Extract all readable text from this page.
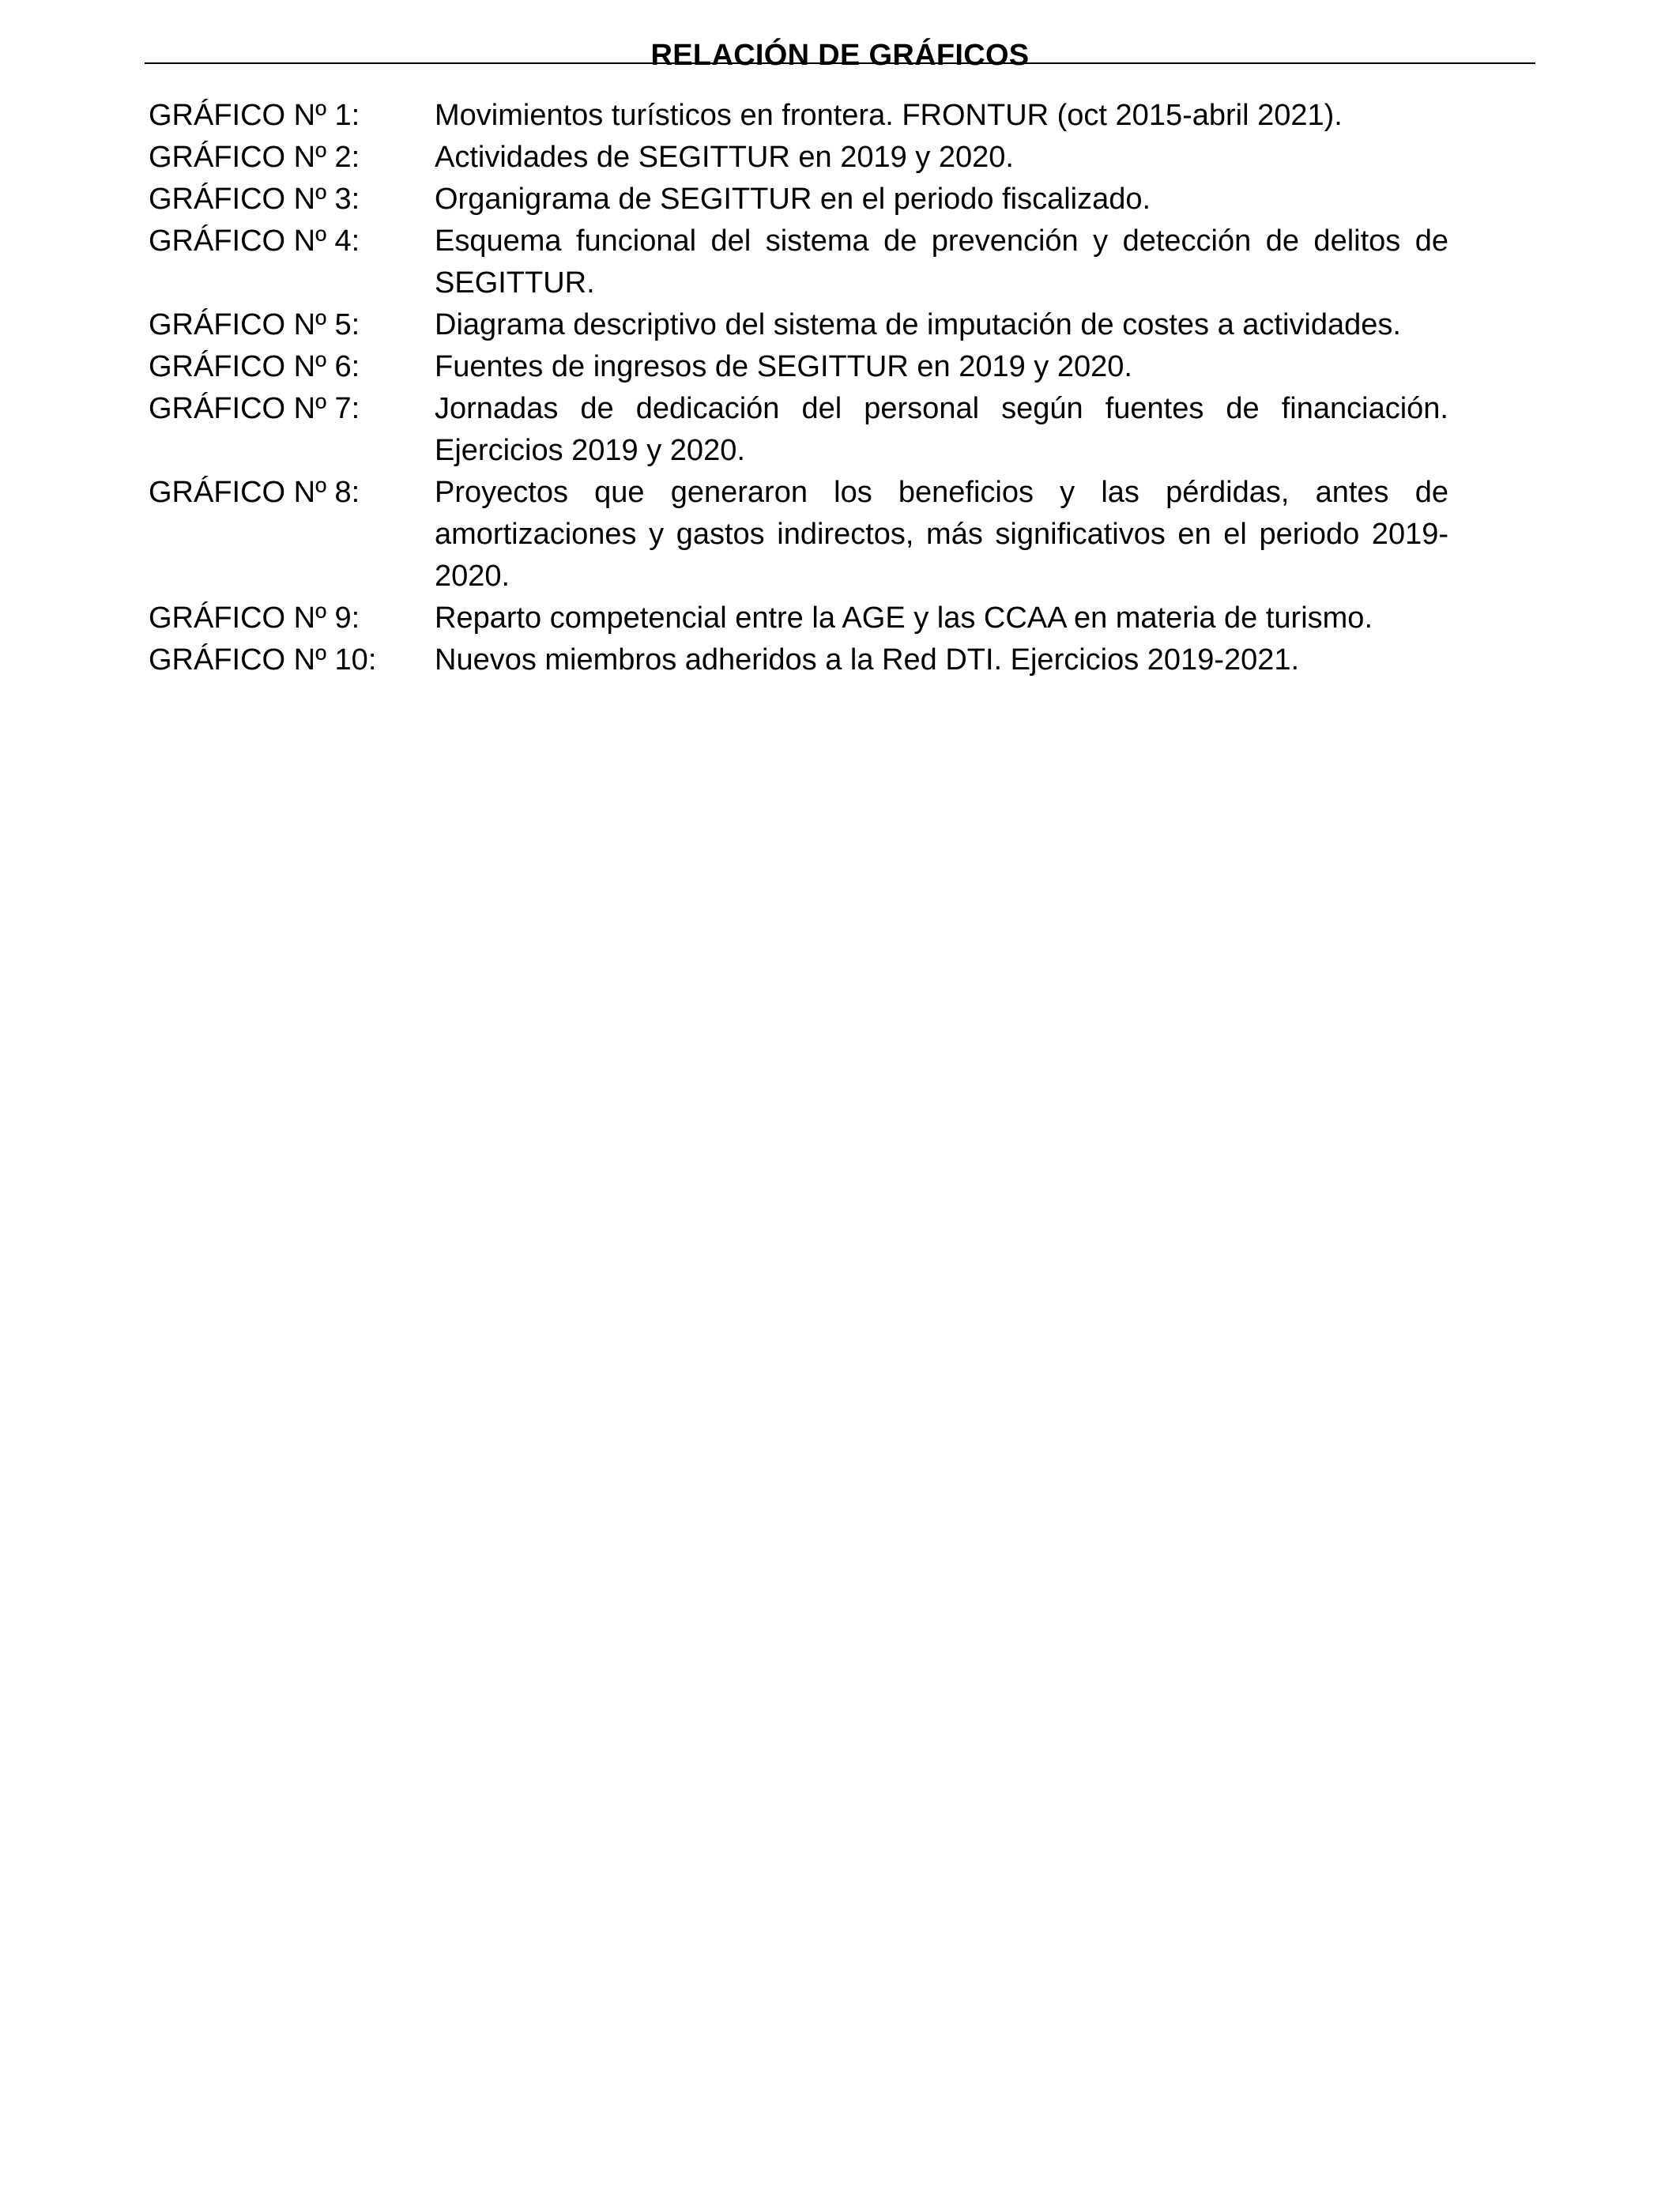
RELACIÓN DE GRÁFICOS
GRÁFICO Nº 1:	Movimientos turísticos en frontera. FRONTUR (oct 2015-abril 2021).
GRÁFICO Nº 2:	Actividades de SEGITTUR en 2019 y 2020.
GRÁFICO Nº 3:	Organigrama de SEGITTUR en el periodo fiscalizado.
GRÁFICO Nº 4:	Esquema funcional del sistema de prevención y detección de delitos de SEGITTUR.
GRÁFICO Nº 5:	Diagrama descriptivo del sistema de imputación de costes a actividades.
GRÁFICO Nº 6:	Fuentes de ingresos de SEGITTUR en 2019 y 2020.
GRÁFICO Nº 7:	Jornadas de dedicación del personal según fuentes de financiación. Ejercicios 2019 y 2020.
GRÁFICO Nº 8:	Proyectos que generaron los beneficios y las pérdidas, antes de amortizaciones y gastos indirectos, más significativos en el periodo 2019-2020.
GRÁFICO Nº 9:	Reparto competencial entre la AGE y las CCAA en materia de turismo.
GRÁFICO Nº 10:	Nuevos miembros adheridos a la Red DTI. Ejercicios 2019-2021.
